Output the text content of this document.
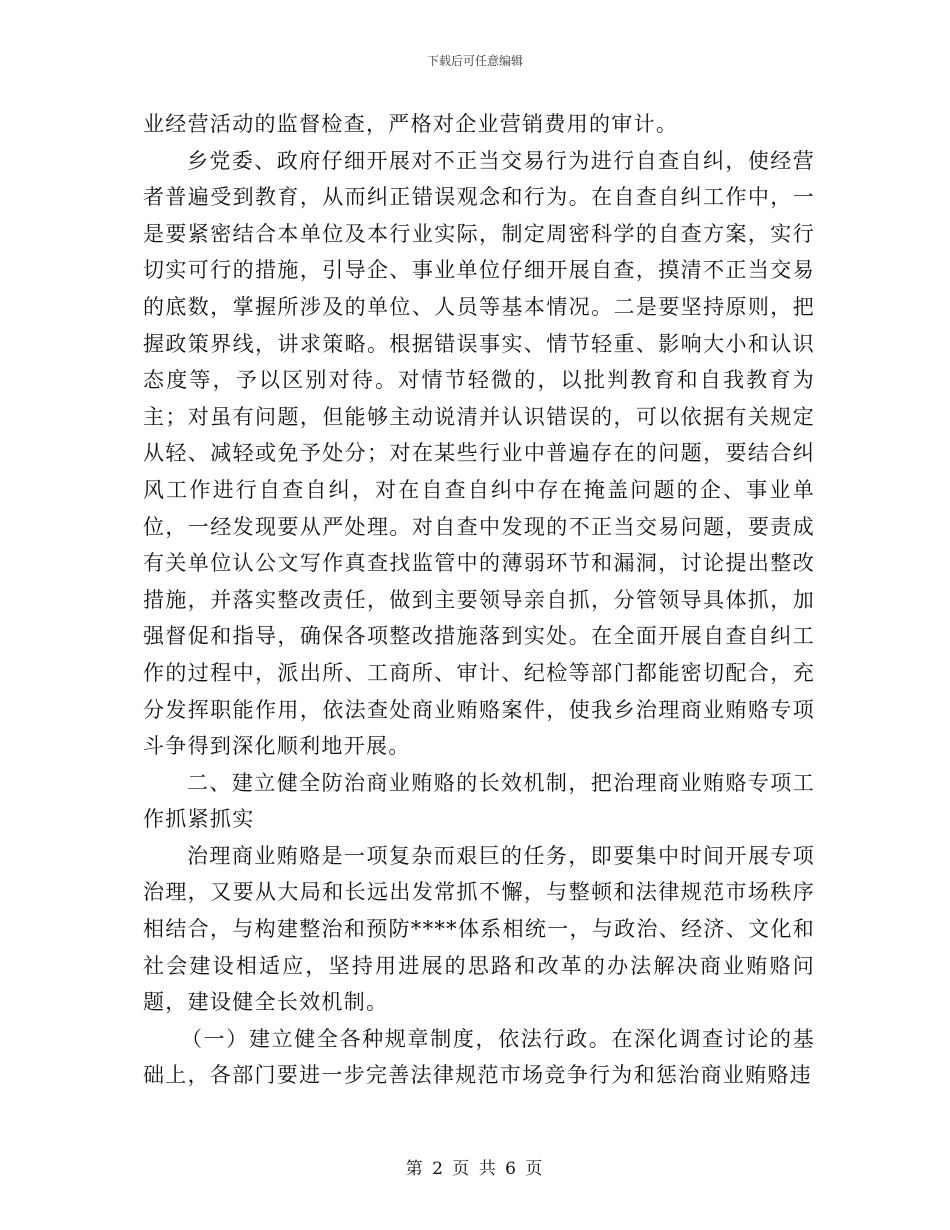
下载后可任意编辑

业经营活动的监督检查，严格对企业营销费用的审计。

乡党委、政府仔细开展对不正当交易行为进行自查自纠，使经营者普遍受到教育，从而纠正错误观念和行为。在自查自纠工作中，一是要紧密结合本单位及本行业实际，制定周密科学的自查方案，实行切实可行的措施，引导企、事业单位仔细开展自查，摸清不正当交易的底数，掌握所涉及的单位、人员等基本情况。二是要坚持原则，把握政策界线，讲求策略。根据错误事实、情节轻重、影响大小和认识态度等，予以区别对待。对情节轻微的，以批判教育和自我教育为主；对虽有问题，但能够主动说清并认识错误的，可以依据有关规定从轻、减轻或免予处分；对在某些行业中普遍存在的问题，要结合纠风工作进行自查自纠，对在自查自纠中存在掩盖问题的企、事业单位，一经发现要从严处理。对自查中发现的不正当交易问题，要责成有关单位认公文写作真查找监管中的薄弱环节和漏洞，讨论提出整改措施，并落实整改责任，做到主要领导亲自抓，分管领导具体抓，加强督促和指导，确保各项整改措施落到实处。在全面开展自查自纠工作的过程中，派出所、工商所、审计、纪检等部门都能密切配合，充分发挥职能作用，依法查处商业贿赂案件，使我乡治理商业贿赂专项斗争得到深化顺利地开展。

二、建立健全防治商业贿赂的长效机制，把治理商业贿赂专项工作抓紧抓实

治理商业贿赂是一项复杂而艰巨的任务，即要集中时间开展专项治理，又要从大局和长远出发常抓不懈，与整顿和法律规范市场秩序相结合，与构建整治和预防****体系相统一，与政治、经济、文化和社会建设相适应，坚持用进展的思路和改革的办法解决商业贿赂问题，建设健全长效机制。

（一）建立健全各种规章制度，依法行政。在深化调查讨论的基础上，各部门要进一步完善法律规范市场竞争行为和惩治商业贿赂违

第 2 页 共 6 页
